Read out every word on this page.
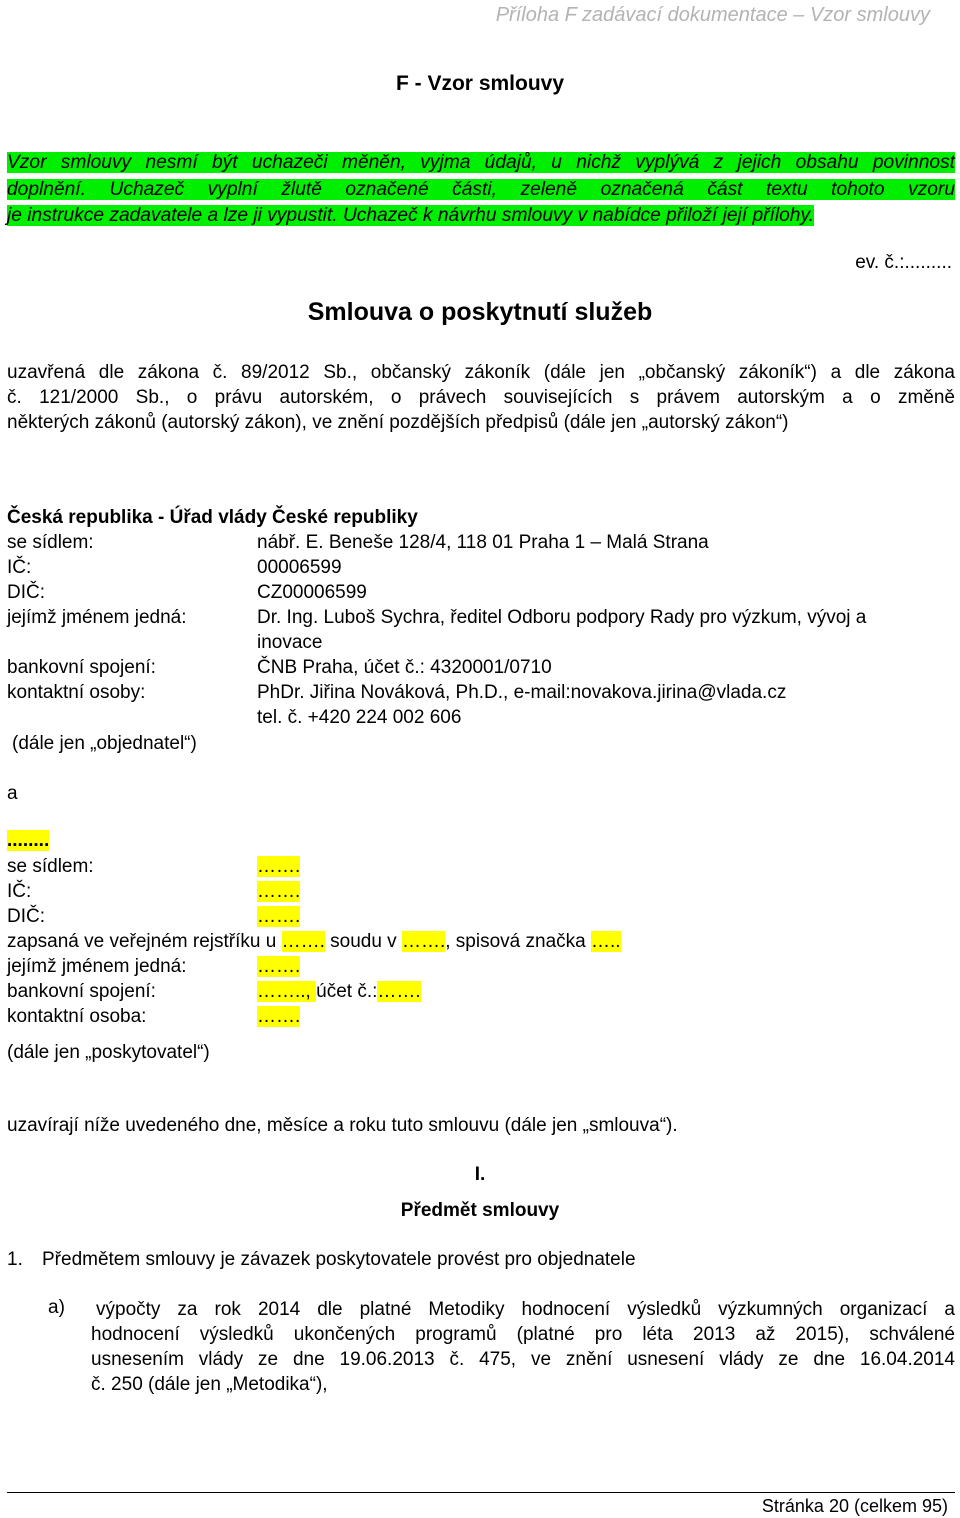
Příloha F zadávací dokumentace – Vzor smlouvy
F - Vzor smlouvy
Vzor smlouvy nesmí být uchazeči měněn, vyjma údajů, u nichž vyplývá z jejich obsahu povinnost
doplnění. Uchazeč vyplní žlutě označené části, zeleně označená část textu tohoto vzoru
je instrukce zadavatele a lze ji vypustit. Uchazeč k návrhu smlouvy v nabídce přiloží její přílohy.
ev. č.:.........
Smlouva o poskytnutí služeb
uzavřená dle zákona č. 89/2012 Sb., občanský zákoník (dále jen „občanský zákoník“) a dle zákona
č. 121/2000 Sb., o právu autorském, o právech souvisejících s právem autorským a o změně
některých zákonů (autorský zákon), ve znění pozdějších předpisů (dále jen „autorský zákon“)
Česká republika - Úřad vlády České republiky
se sídlem:	nábř. E. Beneše 128/4, 118 01 Praha 1 – Malá Strana
IČ:	00006599
DIČ:	CZ00006599
jejímž jménem jedná:	Dr. Ing. Luboš Sychra, ředitel Odboru podpory Rady pro výzkum, vývoj a
inovace
bankovní spojení:	ČNB Praha, účet č.: 4320001/0710
kontaktní osoby:	PhDr. Jiřina Nováková, Ph.D., e-mail:novakova.jirina@vlada.cz
tel. č. +420 224 002 606
(dále jen „objednatel“)
a
........
se sídlem:	…….
IČ:	…….
DIČ:	…….
zapsaná ve veřejném rejstříku u ……. soudu v ……., spisová značka …..
jejímž jménem jedná:	…….
bankovní spojení:	…….., účet č.:…….
kontaktní osoba:	…….
(dále jen „poskytovatel“)
uzavírají níže uvedeného dne, měsíce a roku tuto smlouvu (dále jen „smlouva“).
I.
Předmět smlouvy
1. Předmětem smlouvy je závazek poskytovatele provést pro objednatele
a) výpočty za rok 2014 dle platné Metodiky hodnocení výsledků výzkumných organizací a
hodnocení výsledků ukončených programů (platné pro léta 2013 až 2015), schválené
usnesením vlády ze dne 19.06.2013 č. 475, ve znění usnesení vlády ze dne 16.04.2014
č. 250 (dále jen „Metodika“),
Stránka 20 (celkem 95)
